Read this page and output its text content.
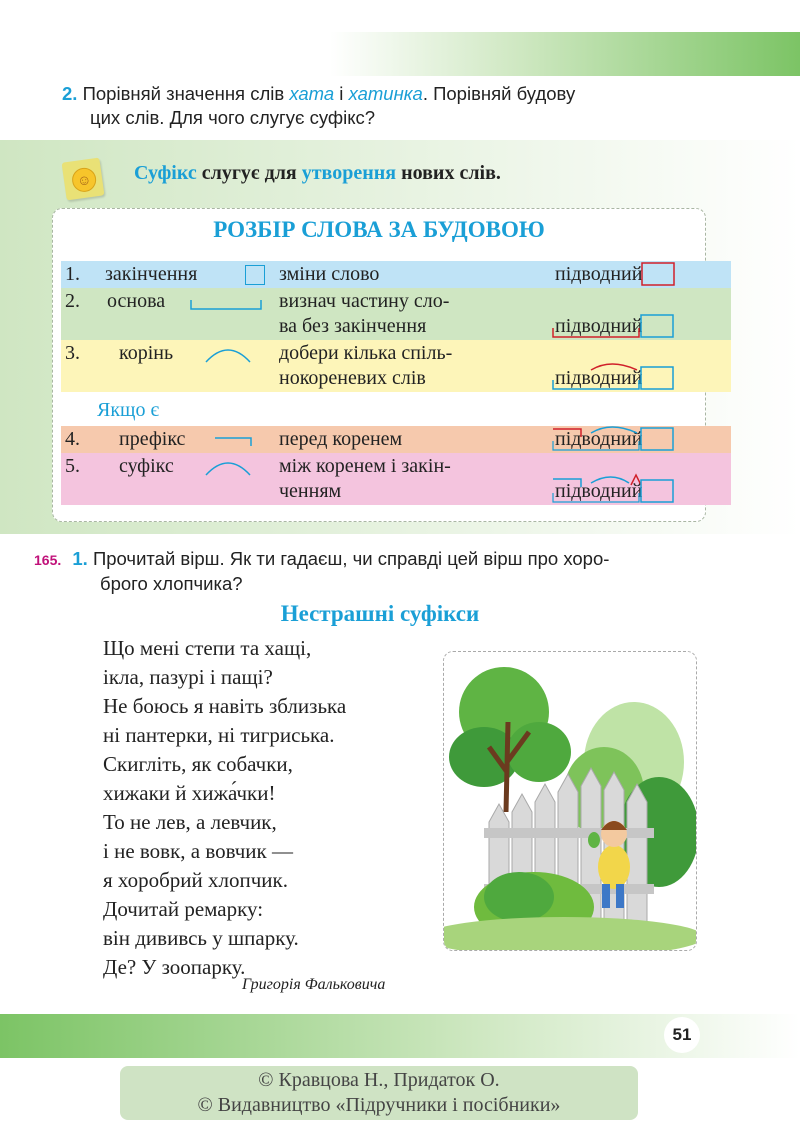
2. Порівняй значення слів хата і хатинка. Порівняй будову
цих слів. Для чого слугує суфікс?
☺ Суфікс слугує для утворення нових слів.
РОЗБІР СЛОВА ЗА БУДОВОЮ
1. закінчення	зміни слово	підводний
2. основа	визнач частину сло-
ва без закінчення	підводний
3. корінь	добери кілька спіль-
нокореневих слів	підводний
Якщо є
4. префікс	перед коренем	підводний
5. суфікс	між коренем і закін-
ченням	підводний
165. 1. Прочитай вірш. Як ти гадаєш, чи справді цей вірш про хоро-
брого хлопчика?
Нестрашні суфікси
Що мені степи та хащі,
ікла, пазурі і пащі?
Не боюсь я навіть зблизька
ні пантерки, ні тигриська.
Скигліть, як собачки,
хижаки й хижа́чки!
То не лев, а левчик,
і не вовк, а вовчик —
я хоробрий хлопчик.
Дочитай ремарку:
він дививсь у шпарку.
Де? У зоопарку.
Григорія Фальковича
51
© Кравцова Н., Придаток О.
© Видавництво «Підручники і посібники»
